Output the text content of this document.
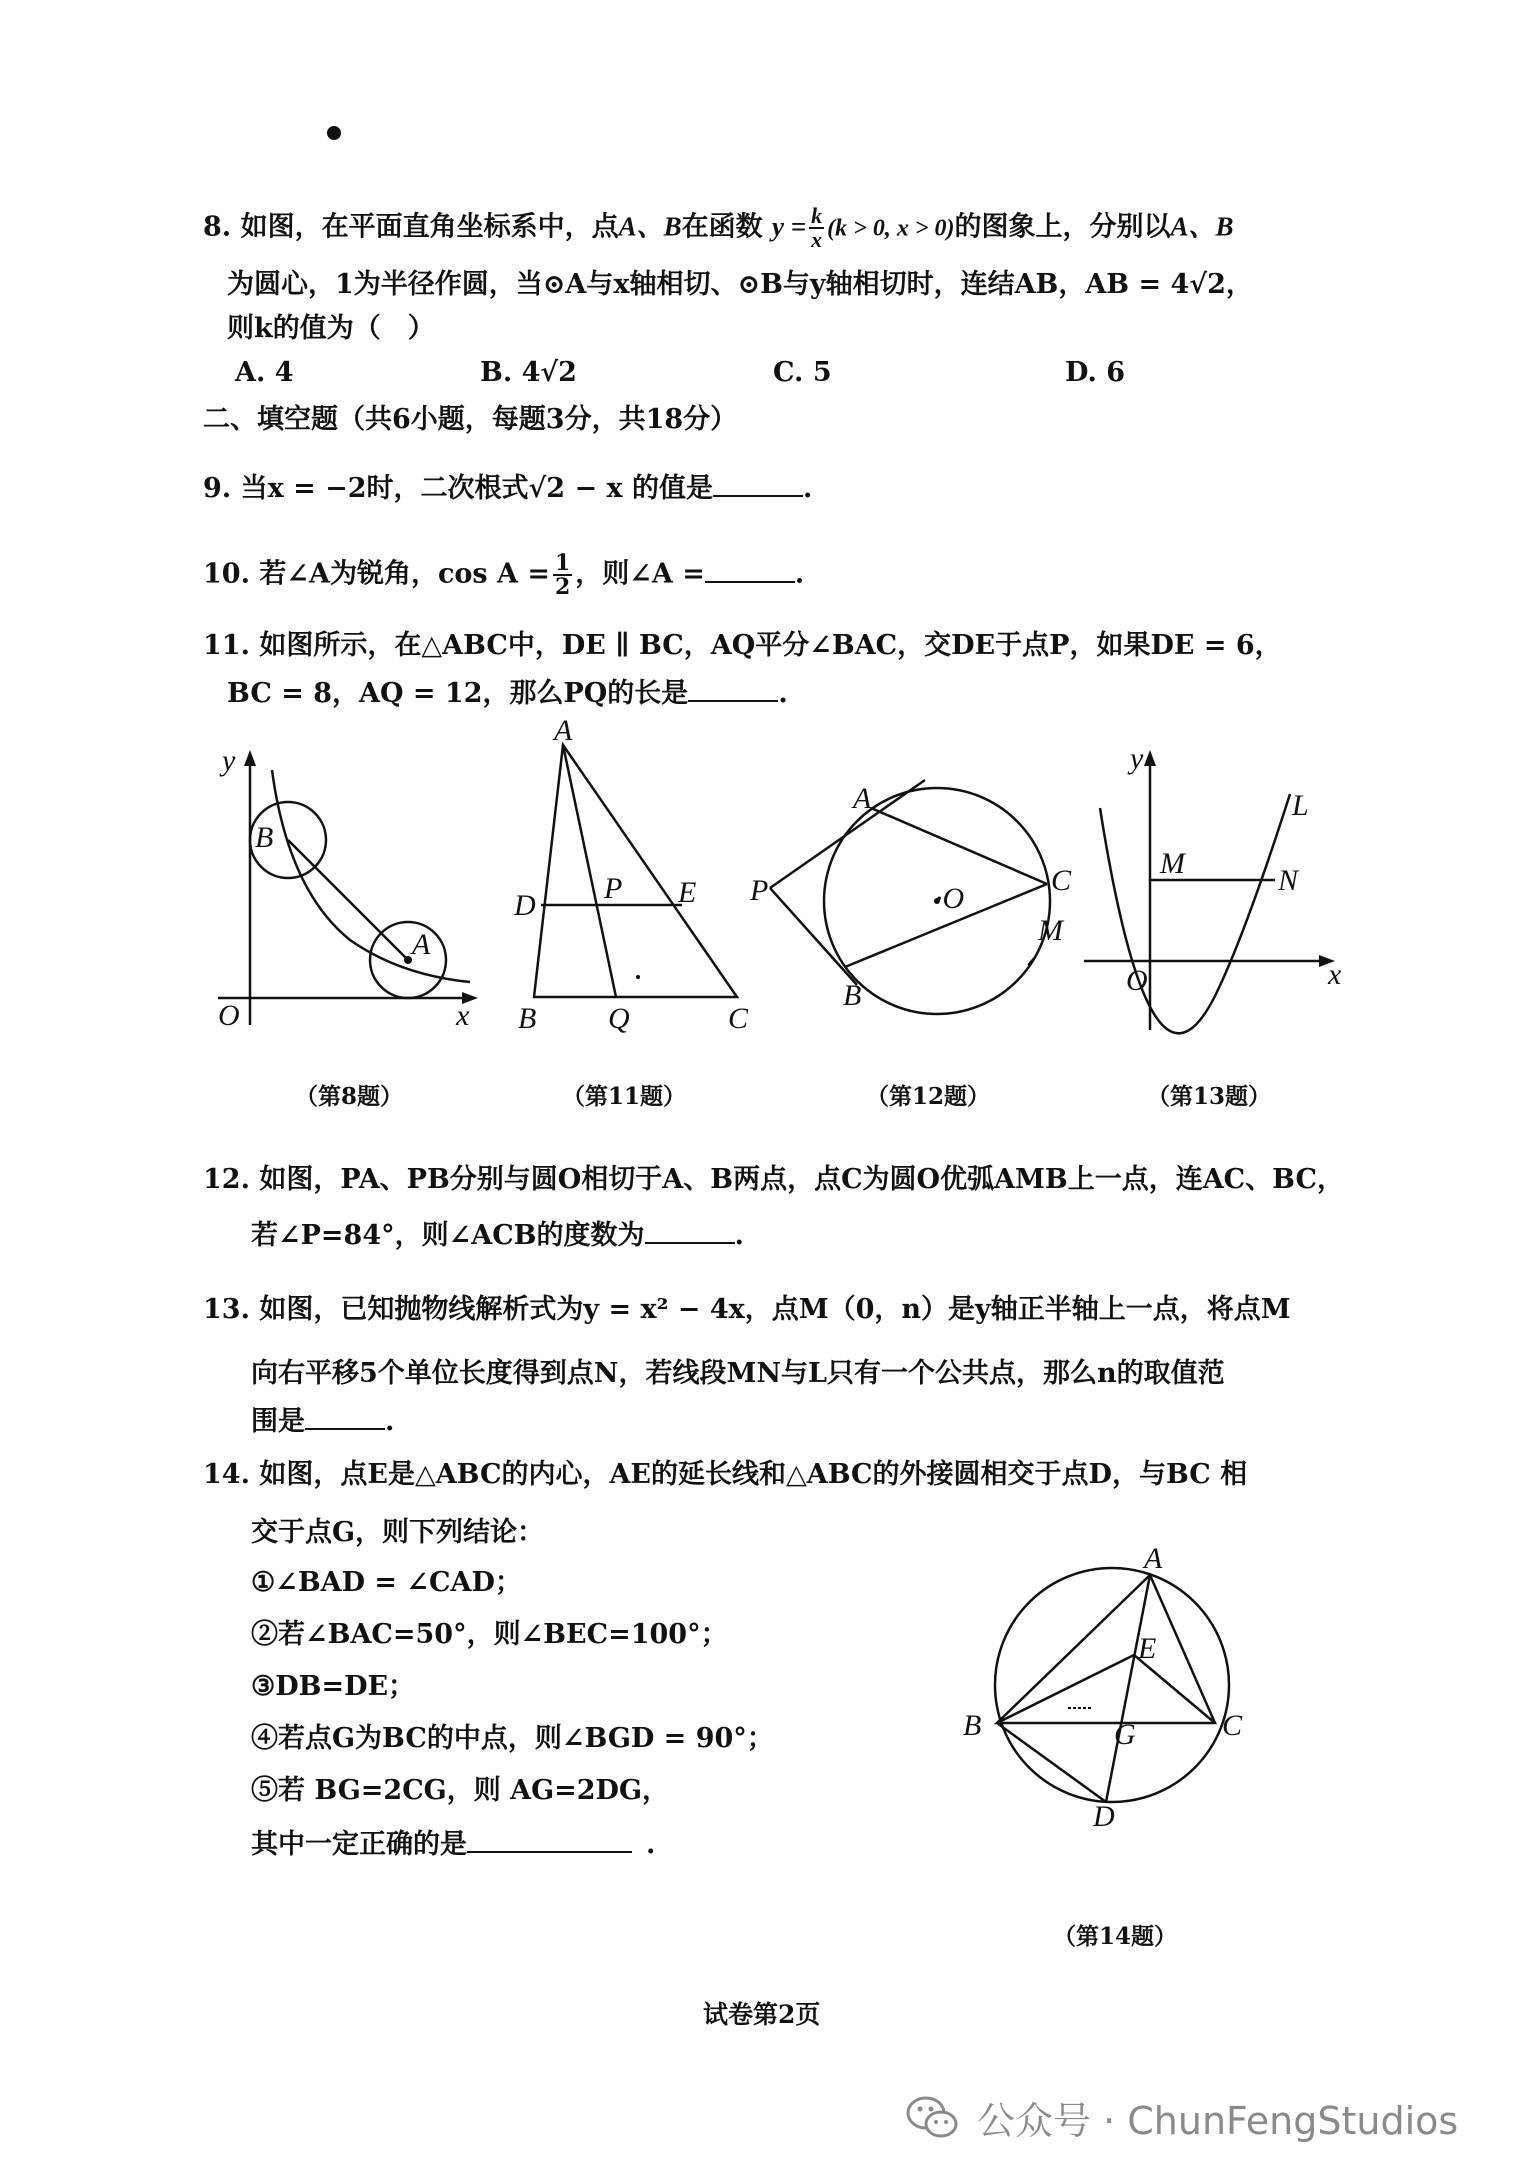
8. 如图，在平面直角坐标系中，点A、B在函数 $y = \frac{k}{x} (k > 0$, x > 0)的图象上，分别以A、B
为圆心，1为半径作圆，当⊙A与x轴相切、⊙B与y轴相切时，连结AB，AB = 4√2，
则k的值为（　）
A. 4	B. 4√2	C. 5	D. 6
二、填空题（共6小题，每题3分，共18分）
9. 当x = −2时，二次根式√2 − x 的值是	.
10. 若∠A为锐角，$\cos A = \frac{1}{2}$ ，则∠A =	.
11. 如图所示，在△ABC中，DE ∥ BC，AQ平分∠BAC，交DE于点P，如果DE = 6，
BC = 8，AQ = 12，那么PQ的长是	.
y
O	x
B
A
（第8题）
A
D
P E
B Q	C
（第11题）
A
P	·O
C
M
B
（第12题）
y
L
M
N
O	x
（第13题）
12. 如图，PA、PB分别与圆O相切于A、B两点，点C为圆O优弧AMB上一点，连AC、BC，
若∠P=84°，则∠ACB的度数为	.
13. 如图，已知抛物线解析式为y = x² − 4x，点M（0，n）是y轴正半轴上一点，将点M
向右平移5个单位长度得到点N，若线段MN与L只有一个公共点，那么n的取值范
围是	.
14. 如图，点E是△ABC的内心，AE的延长线和△ABC的外接圆相交于点D，与BC 相
交于点G，则下列结论：
①∠BAD = ∠CAD；
②若∠BAC=50°，则∠BEC=100°；
③DB=DE；
④若点G为BC的中点，则∠BGD = 90°；
⑤若 BG=2CG，则 AG=2DG，
其中一定正确的是	.
A
E
B	G	C
D
（第14题）
试卷第2页
公众号 · ChunFengStudios
